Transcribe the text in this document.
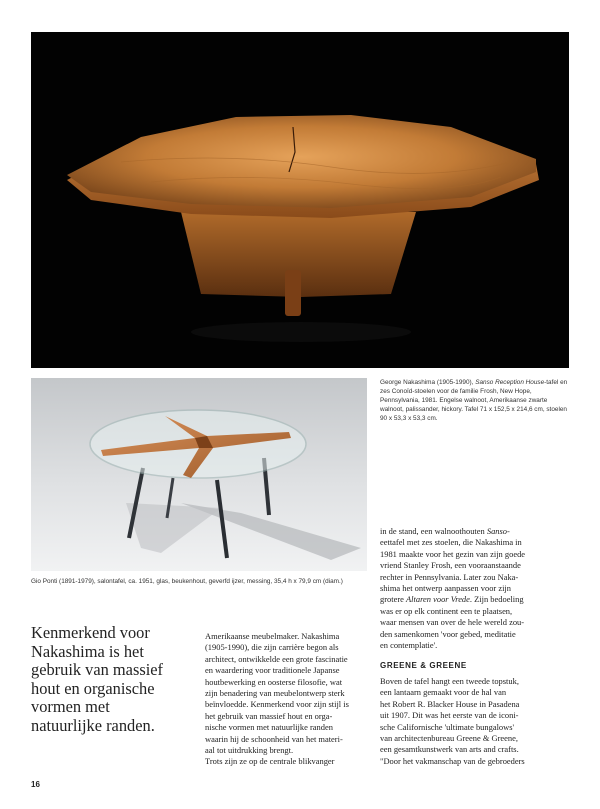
George Nakashima (1905-1990), Sanso Reception House-tafel en zes Conoïd-stoelen voor de familie Frosh, New Hope, Pennsylvania, 1981. Engelse walnoot, Amerikaanse zwarte walnoot, palissander, hickory. Tafel 71 x 152,5 x 214,6 cm, stoelen 90 x 53,3 x 53,3 cm.
Gio Ponti (1891-1979), salontafel, ca. 1951, glas, beukenhout, geverfd ijzer, messing, 35,4 h x 79,9 cm (diam.)
Kenmerkend voor Nakashima is het gebruik van massief hout en organische vormen met natuurlijke randen.
Amerikaanse meubelmaker. Nakashima
(1905-1990), die zijn carrière begon als
architect, ontwikkelde een grote fascinatie
en waardering voor traditionele Japanse
houtbewerking en oosterse filosofie, wat
zijn benadering van meubelontwerp sterk
beïnvloedde. Kenmerkend voor zijn stijl is
het gebruik van massief hout en orga-
nische vormen met natuurlijke randen
waarin hij de schoonheid van het materi-
aal tot uitdrukking brengt.
Trots zijn ze op de centrale blikvanger
in de stand, een walnoothouten Sanso-
eettafel met zes stoelen, die Nakashima in
1981 maakte voor het gezin van zijn goede
vriend Stanley Frosh, een vooraanstaande
rechter in Pennsylvania. Later zou Naka-
shima het ontwerp aanpassen voor zijn
grotere Altaren voor Vrede. Zijn bedoeling
was er op elk continent een te plaatsen,
waar mensen van over de hele wereld zou-
den samenkomen 'voor gebed, meditatie
en contemplatie'.
GREENE & GREENE
Boven de tafel hangt een tweede topstuk,
een lantaarn gemaakt voor de hal van
het Robert R. Blacker House in Pasadena
uit 1907. Dit was het eerste van de iconi-
sche Californische 'ultimate bungalows'
van architectenbureau Greene & Greene,
een gesamtkunstwerk van arts and crafts.
"Door het vakmanschap van de gebroeders
16
